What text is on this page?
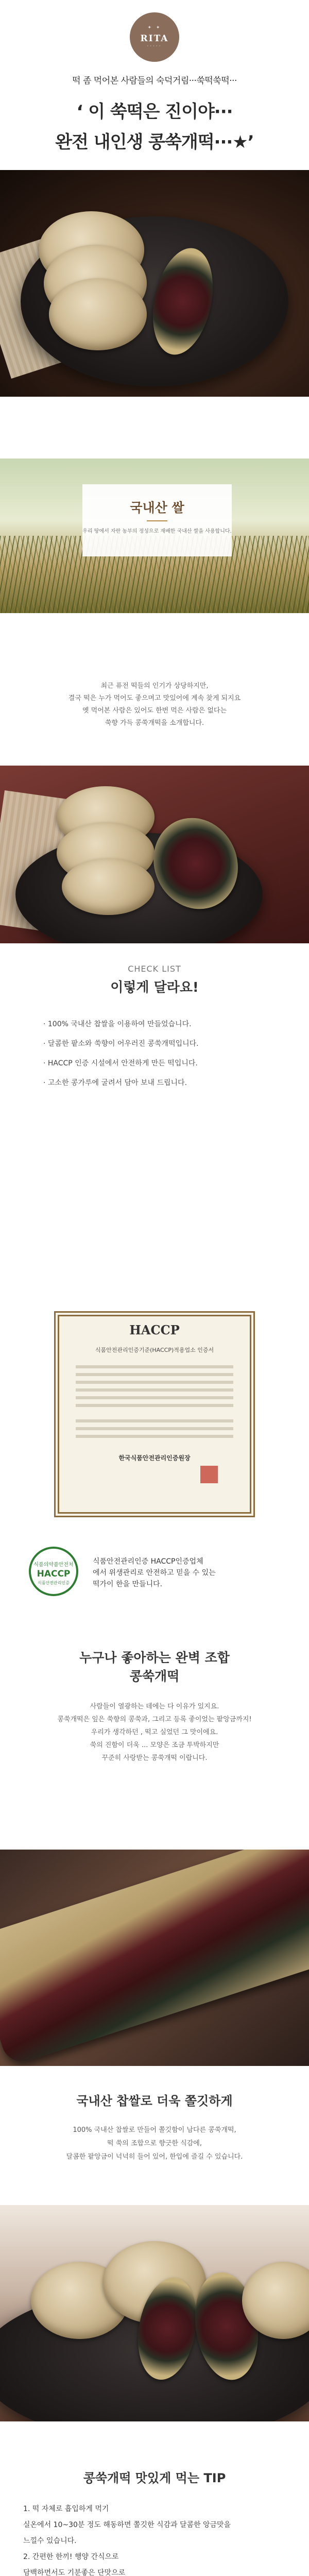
✦ ✦
RITA
·····
떡 좀 먹어본 사람들의 숙덕거림···쑥떡쑥떡···
‘ 이 쑥떡은 진이야···
완전 내인생 콩쑥개떡···★’
국내산 쌀
우리 땅에서 자란 농부의 정성으로 재배한 국내산 쌀을 사용합니다.
최근 퓨전 떡들의 인기가 상당하지만,
결국 떡은 누가 먹어도 좋으며고 맛있어에 계속 찾게 되지요
옛 먹어본 사람은 있어도 한번 먹은 사람은 없다는
쑥향 가득 콩쑥개떡을 소개합니다.
CHECK LIST
이렇게 달라요!
· 100% 국내산 찹쌀을 이용하여 만들었습니다.
· 달콤한 팥소와 쑥향이 어우러진 콩쑥개떡입니다.
· HACCP 인증 시설에서 안전하게 만든 떡입니다.
· 고소한 콩가루에 굴려서 담아 보내 드립니다.
HACCP
식품안전관리인증기준(HACCP)적용업소 인증서
한국식품안전관리인증원장
식품의약품안전처
HACCP
식품안전관리인증
식품안전관리인증 HACCP인증업체
에서 위생관리로 안전하고 믿을 수 있는
떡가이 한을 만들니다.
누구나 좋아하는 완벽 조합
콩쑥개떡
사람들이 열광하는 데에는 다 이유가 있지요.
콩쑥개떡은 잎은 쑥향의 콩쑥과, 그리고 등록 좋이었는 팥앙금까지!
우리가 생각하던 , 떡고 실었던 그 맛이에요.
쑥의 진함이 더욱 ... 모양은 조금 투박하지만
꾸준히 사랑받는 콩쑥개떡 이랍니다.
국내산 찹쌀로 더욱 쫄깃하게
100% 국내산 찹쌀로 만들어 쫄깃함이 남다른 콩쑥개떡,
떡 쑥의 조합으로 향긋한 식감에,
달콤한 팥앙금이 넉넉히 들어 있어, 한입에 즐길 수 있습니다.
콩쑥개떡 맛있게 먹는 TIP
1. 떡 자체로 흡입하게 먹기
실온에서 10~30분 정도 해동하면 쫄깃한 식감과 달콤한 앙금맛을
느낄수 있습니다.
2. 간편한 한끼! 행양 간식으로
담백하면서도 기분좋은 단맛으로
